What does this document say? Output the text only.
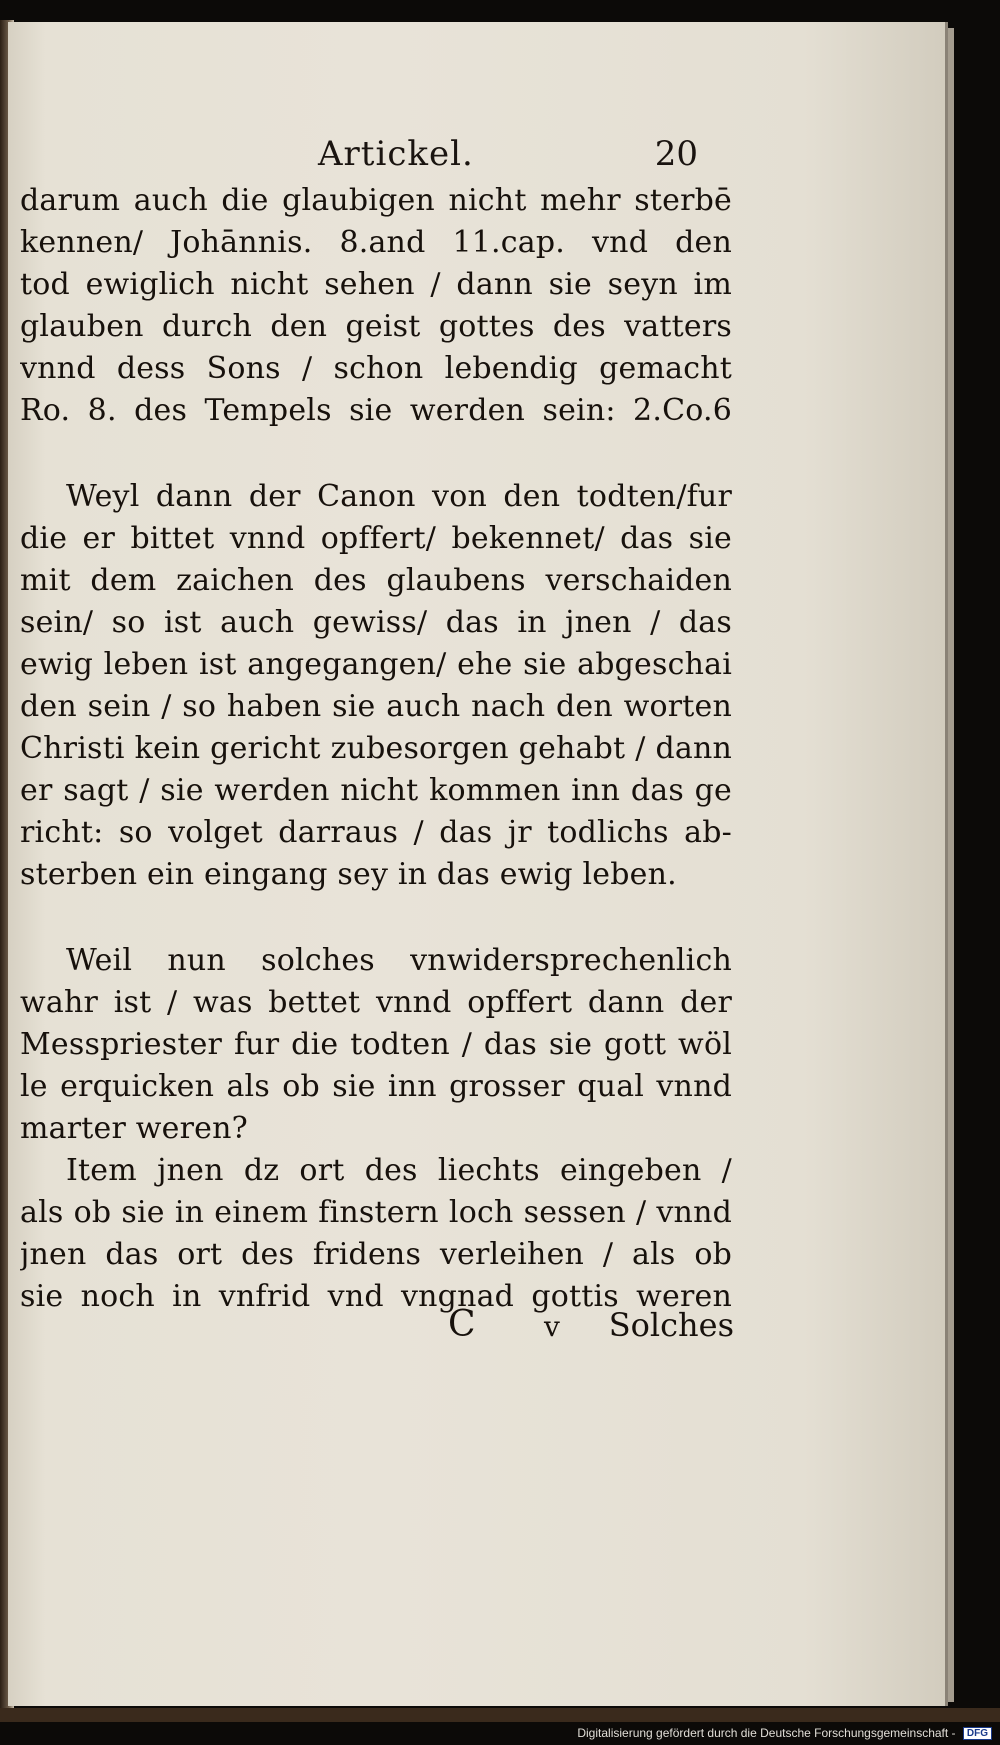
Artickel.	20
darum auch die glaubigen nicht mehr sterbē
kennen/ Johānnis. 8.and 11.cap. vnd den
tod ewiglich nicht sehen / dann sie seyn im
glauben durch den geist gottes des vatters
vnnd dess Sons / schon lebendig gemacht
Ro. 8. des Tempels sie werden sein: 2.Co.6
Weyl dann der Canon von den todten/fur
die er bittet vnnd opffert/ bekennet/ das sie
mit dem zaichen des glaubens verschaiden
sein/ so ist auch gewiss/ das in jnen / das
ewig leben ist angegangen/ ehe sie abgeschai
den sein / so haben sie auch nach den worten
Christi kein gericht zubesorgen gehabt / dann
er sagt / sie werden nicht kommen inn das ge
richt: so volget darraus / das jr todlichs ab-
sterben ein eingang sey in das ewig leben.
Weil nun solches vnwidersprechenlich
wahr ist / was bettet vnnd opffert dann der
Messpriester fur die todten / das sie gott wöl
le erquicken als ob sie inn grosser qual vnnd
marter weren?
Item jnen dz ort des liechts eingeben /
als ob sie in einem finstern loch sessen / vnnd
jnen das ort des fridens verleihen / als ob
sie noch in vnfrid vnd vngnad gottis weren
C v Solches
Digitalisierung gefördert durch die Deutsche Forschungsgemeinschaft - DFG
